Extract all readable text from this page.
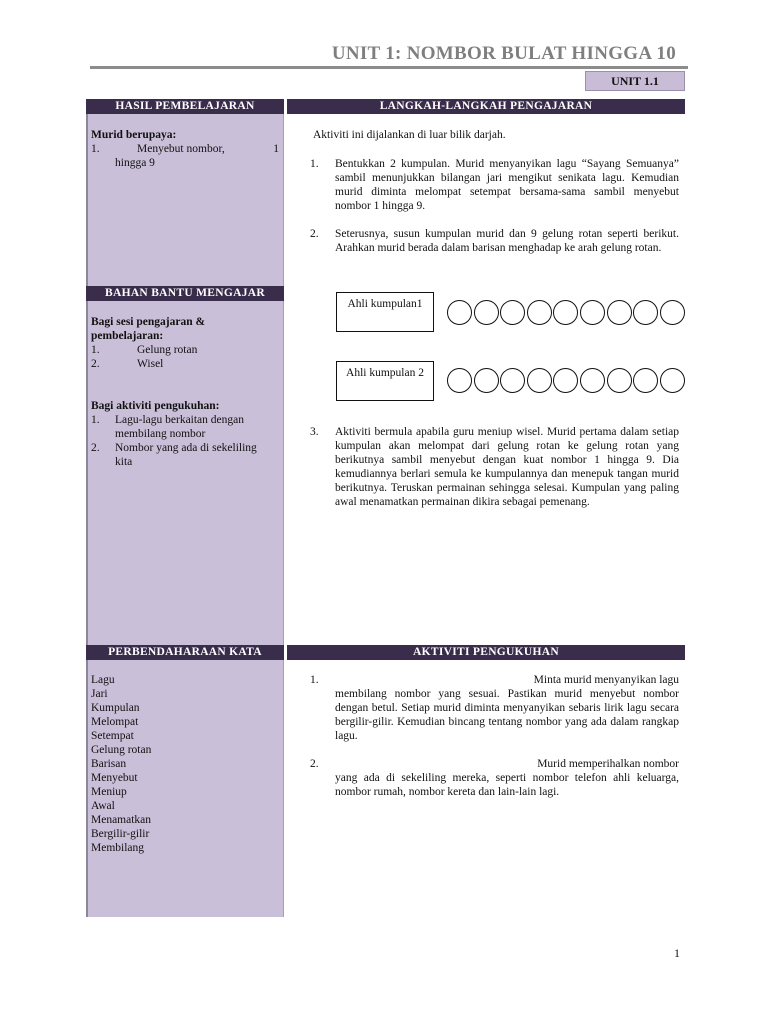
UNIT 1: NOMBOR BULAT HINGGA 10
UNIT 1.1
HASIL PEMBELAJARAN	LANGKAH-LANGKAH PENGAJARAN
Murid berupaya:
1.	Menyebut nombor,	1
hingga 9
BAHAN BANTU MENGAJAR
Bagi sesi pengajaran &
pembelajaran:
1.	Gelung rotan
2.	Wisel
Bagi aktiviti pengukuhan:
1.	Lagu-lagu berkaitan dengan
membilang nombor
2.	Nombor yang ada di sekeliling
kita
Aktiviti ini dijalankan di luar bilik darjah.
1.	Bentukkan 2 kumpulan. Murid menyanyikan lagu “Sayang Semuanya” sambil menunjukkan bilangan jari mengikut senikata lagu. Kemudian murid diminta melompat setempat bersama-sama sambil menyebut nombor 1 hingga 9.
2.	Seterusnya, susun kumpulan murid dan 9 gelung rotan seperti berikut. Arahkan murid berada dalam barisan menghadap ke arah gelung rotan.
Ahli kumpulan1
Ahli kumpulan 2
3.	Aktiviti bermula apabila guru meniup wisel. Murid pertama dalam setiap kumpulan akan melompat dari gelung rotan ke gelung rotan yang berikutnya sambil menyebut dengan kuat nombor 1 hingga 9. Dia kemudiannya berlari semula ke kumpulannya dan menepuk tangan murid berikutnya. Teruskan permainan sehingga selesai. Kumpulan yang paling awal menamatkan permainan dikira sebagai pemenang.
PERBENDAHARAAN KATA	AKTIVITI PENGUKUHAN
Lagu
Jari
Kumpulan
Melompat
Setempat
Gelung rotan
Barisan
Menyebut
Meniup
Awal
Menamatkan
Bergilir-gilir
Membilang
1.	Minta murid menyanyikan lagu
membilang nombor yang sesuai. Pastikan murid menyebut nombor dengan betul. Setiap murid diminta menyanyikan sebaris lirik lagu secara bergilir-gilir. Kemudian bincang tentang nombor yang ada dalam rangkap lagu.
2.	Murid memperihalkan nombor
yang ada di sekeliling mereka, seperti nombor telefon ahli keluarga, nombor rumah, nombor kereta dan lain-lain lagi.
1
